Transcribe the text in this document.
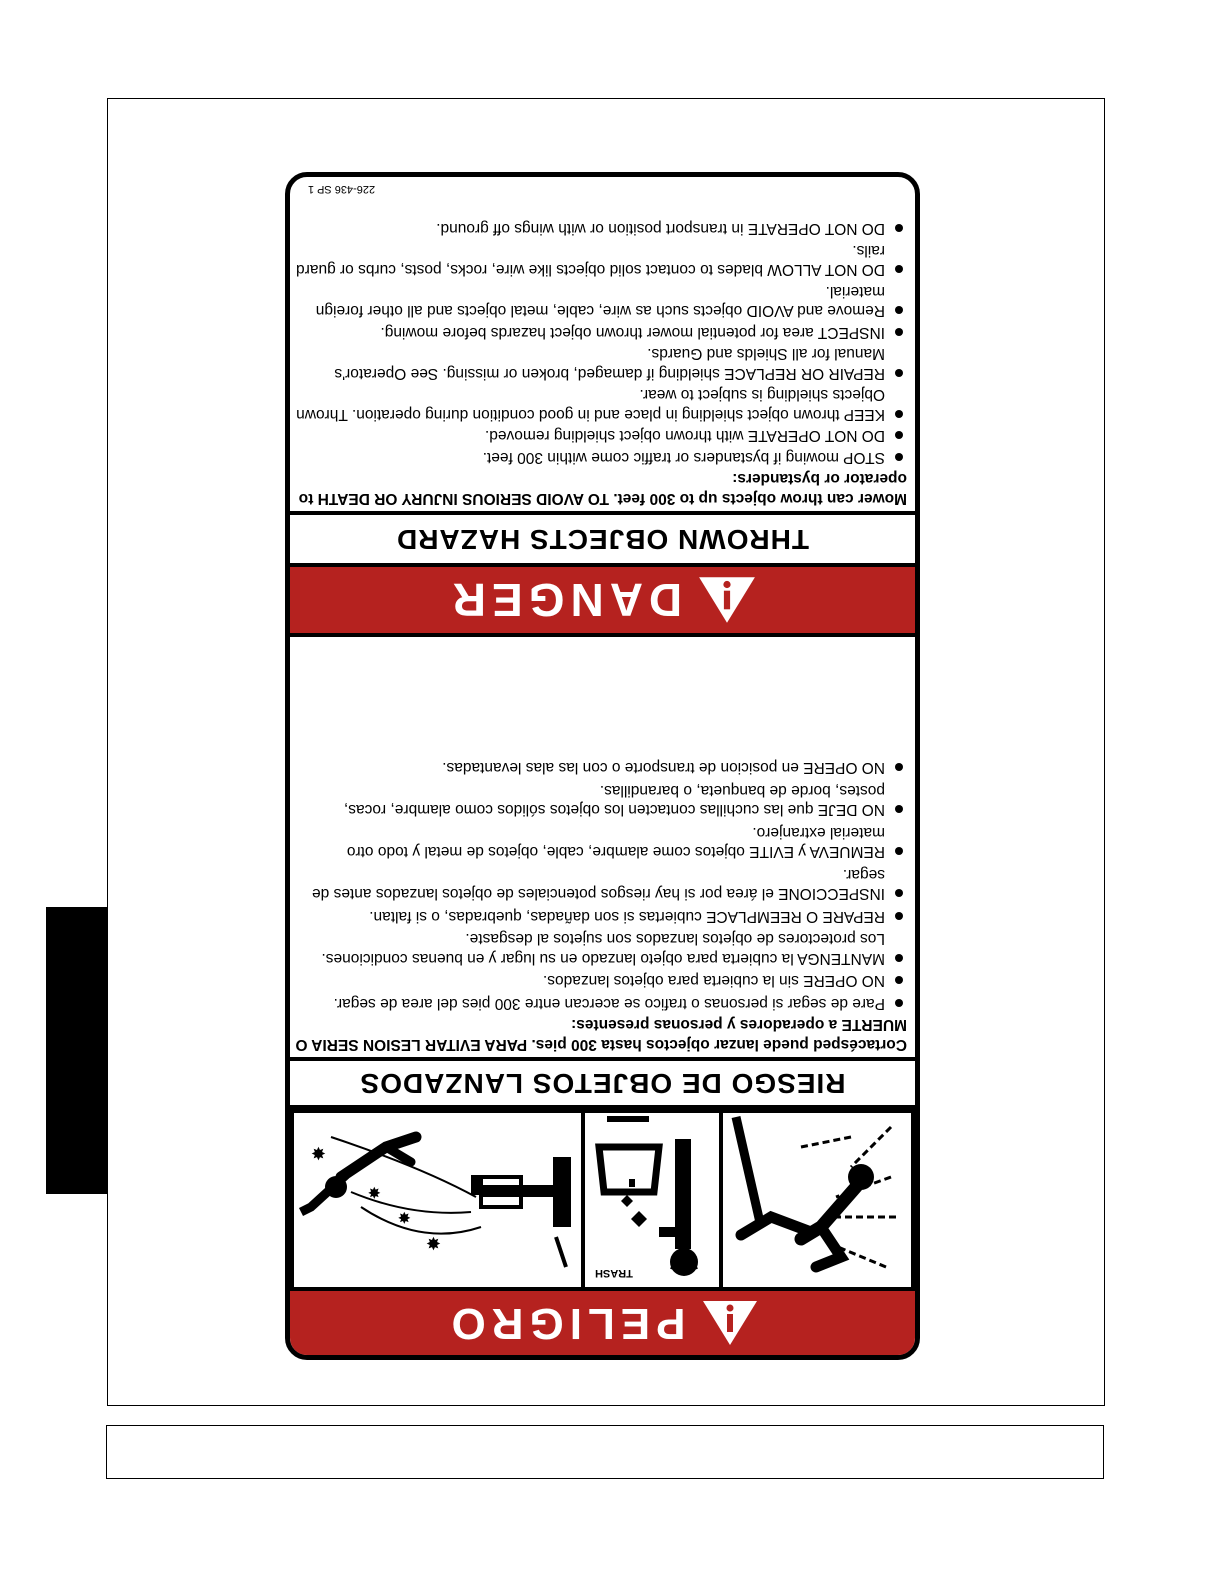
PELIGRO
TRASH
✸
✸
✸
✸
RIESGO DE OBJETOS LANZADOS

Cortacésped puede lanzar objectos hasta 300 pies. PARA EVITAR LESION SERIA O MUERTE a operadores y personas presentes:

Pare de segar si personas o trafico se acercan entre 300 pies del area de segar.
NO OPERE sin la cubierta para objetos lanzados.
MANTENGA la cubierta para objeto lanzado en su lugar y en buenas condiciones. Los protectores de objetos lanzados son sujetos al desgaste.
REPARE O REEMPLACE cubiertas si son dañadas, quebradas, o si faltan.
INSPECCIONE el área por si hay riesgos potenciales de objetos lanzados antes de segar.
REMUEVA y EVITE objetos come alambre, cable, objetos de metal y todo otro material extranjero.
NO DEJE que las cuchillas contacten los objetos sólidos como alambre, rocas, postes, borde de banqueta, o barandillas.
NO OPERE en posicion de transporte o con las alas levantadas.
DANGER
THROWN OBJECTS HAZARD

Mower can throw objects up to 300 feet. TO AVOID SERIOUS INJURY OR DEATH to operator or bystanders:

STOP mowing if bystanders or traffic come within 300 feet.
DO NOT OPERATE with thrown object shielding removed.
KEEP thrown object shielding in place and in good condition during operation. Thrown Objects shielding is subject to wear.
REPAIR OR REPLACE shielding if damaged, broken or missing. See Operator's Manual for all Shields and Guards.
INSPECT area for potential mower thrown object hazards before mowing.
Remove and AVOID objects such as wire, cable, metal objects and all other foreign material.
DO NOT ALLOW blades to contact solid objects like wire, rocks, posts, curbs or guard rails.
DO NOT OPERATE in transport position or with wings off ground.
226-436 SP 1
